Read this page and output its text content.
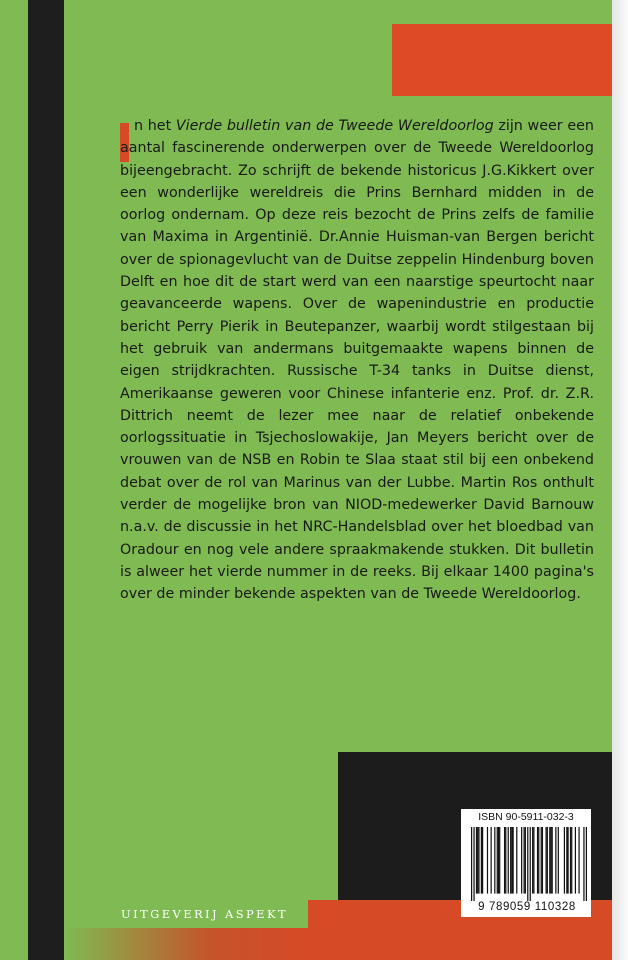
n het Vierde bulletin van de Tweede Wereldoorlog zijn weer een aantal fascinerende onderwerpen over de Tweede Wereldoorlog bijeengebracht. Zo schrijft de bekende historicus J.G.Kikkert over een wonderlijke wereldreis die Prins Bernhard midden in de oorlog ondernam. Op deze reis bezocht de Prins zelfs de familie van Maxima in Argentinië. Dr.Annie Huisman-van Bergen bericht over de spionagevlucht van de Duitse zeppelin Hindenburg boven Delft en hoe dit de start werd van een naarstige speurtocht naar geavanceerde wapens. Over de wapenindustrie en productie bericht Perry Pierik in Beutepanzer, waarbij wordt stilgestaan bij het gebruik van andermans buitgemaakte wapens binnen de eigen strijdkrachten. Russische T-34 tanks in Duitse dienst, Amerikaanse geweren voor Chinese infanterie enz. Prof. dr. Z.R. Dittrich neemt de lezer mee naar de relatief onbekende oorlogssituatie in Tsjechoslowakije, Jan Meyers bericht over de vrouwen van de NSB en Robin te Slaa staat stil bij een onbekend debat over de rol van Marinus van der Lubbe. Martin Ros onthult verder de mogelijke bron van NIOD-medewerker David Barnouw n.a.v. de discussie in het NRC-Handelsblad over het bloedbad van Oradour en nog vele andere spraakmakende stukken. Dit bulletin is alweer het vierde nummer in de reeks. Bij elkaar 1400 pagina's over de minder bekende aspekten van de Tweede Wereldoorlog.

UITGEVERIJ ASPEKT
ISBN 90-5911-032-3
9 789059 110328
